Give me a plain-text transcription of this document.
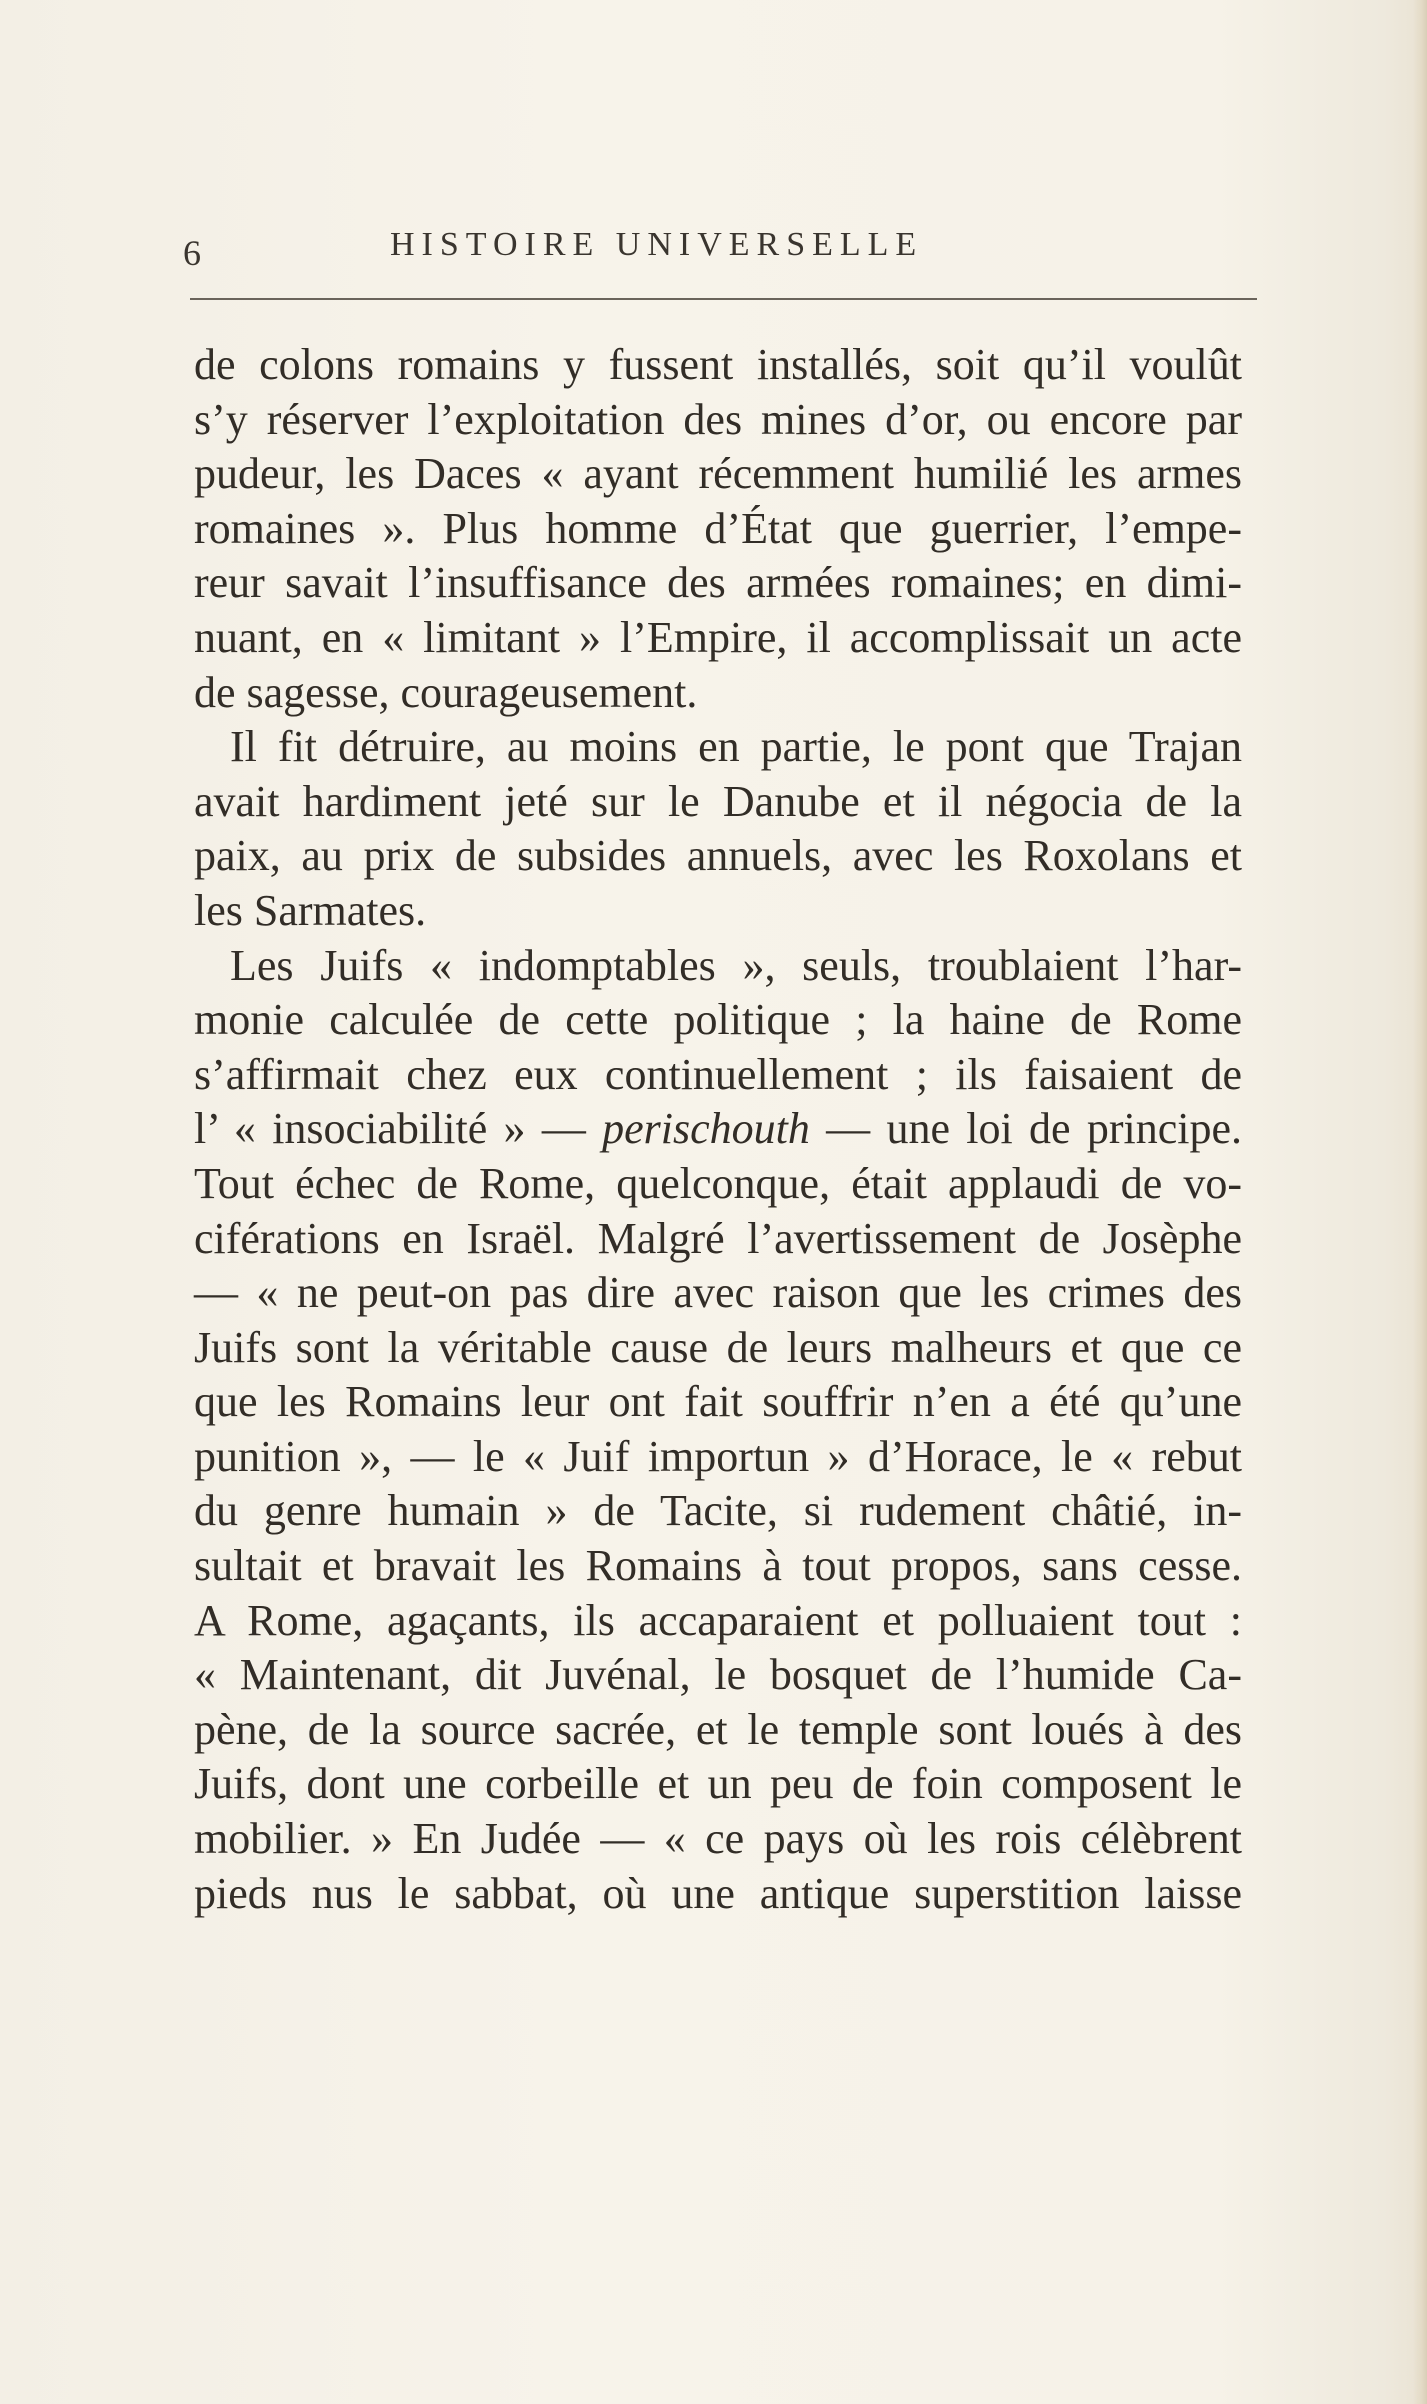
6	HISTOIRE UNIVERSELLE
de colons romains y fussent installés, soit qu’il voulût
s’y réserver l’exploitation des mines d’or, ou encore par
pudeur, les Daces « ayant récemment humilié les armes
romaines ». Plus homme d’État que guerrier, l’empe-
reur savait l’insuffisance des armées romaines; en dimi-
nuant, en « limitant » l’Empire, il accomplissait un acte
de sagesse, courageusement.
Il fit détruire, au moins en partie, le pont que Trajan
avait hardiment jeté sur le Danube et il négocia de la
paix, au prix de subsides annuels, avec les Roxolans et
les Sarmates.
Les Juifs « indomptables », seuls, troublaient l’har-
monie calculée de cette politique ; la haine de Rome
s’affirmait chez eux continuellement ; ils faisaient de
l’ « insociabilité » — perischouth — une loi de principe.
Tout échec de Rome, quelconque, était applaudi de vo-
ciférations en Israël. Malgré l’avertissement de Josèphe
— « ne peut-on pas dire avec raison que les crimes des
Juifs sont la véritable cause de leurs malheurs et que ce
que les Romains leur ont fait souffrir n’en a été qu’une
punition », — le « Juif importun » d’Horace, le « rebut
du genre humain » de Tacite, si rudement châtié, in-
sultait et bravait les Romains à tout propos, sans cesse.
A Rome, agaçants, ils accaparaient et polluaient tout :
« Maintenant, dit Juvénal, le bosquet de l’humide Ca-
pène, de la source sacrée, et le temple sont loués à des
Juifs, dont une corbeille et un peu de foin composent le
mobilier. » En Judée — « ce pays où les rois célèbrent
pieds nus le sabbat, où une antique superstition laisse
